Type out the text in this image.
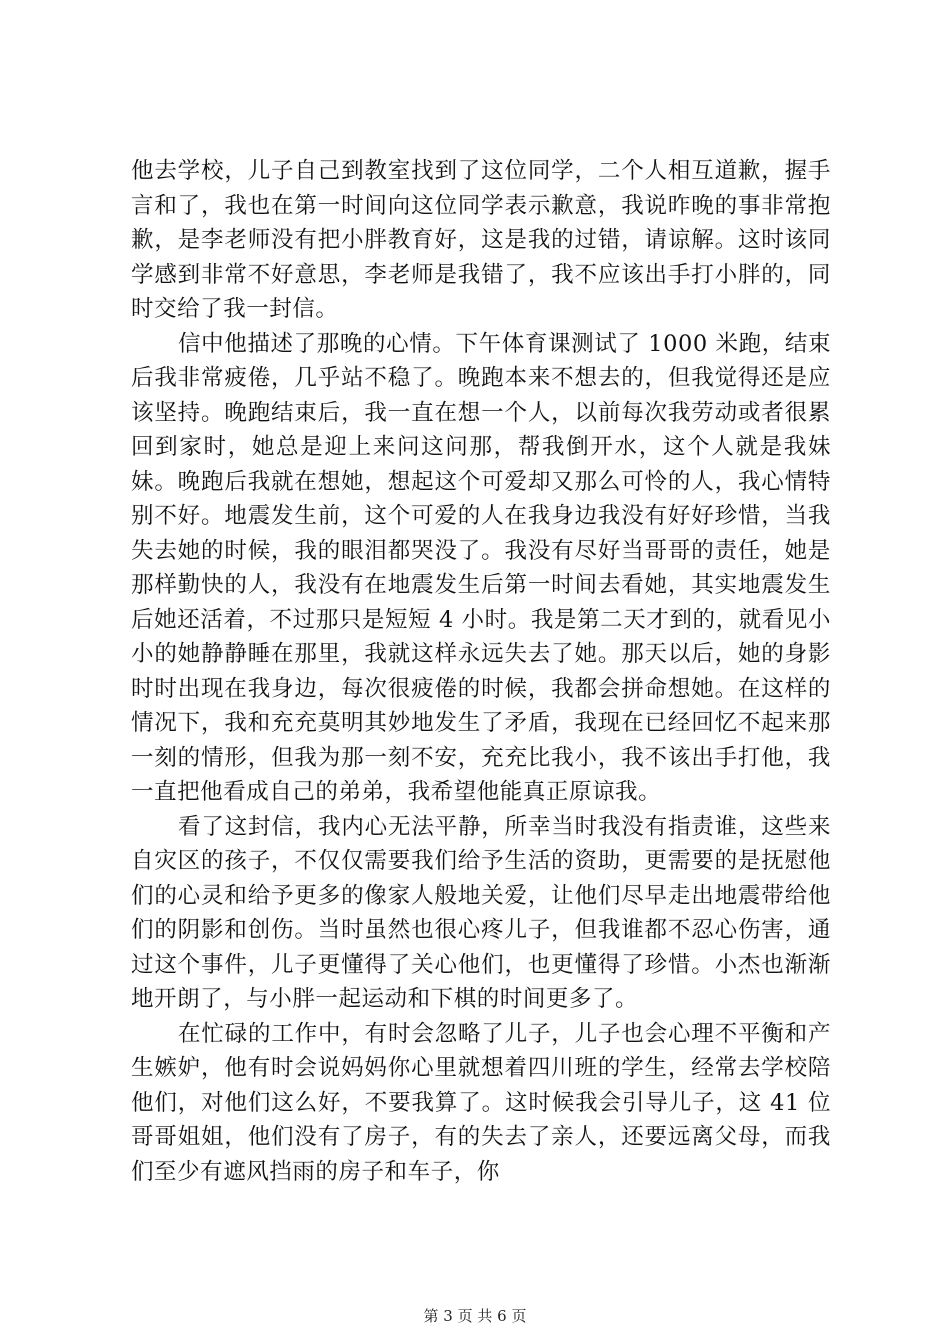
他去学校，儿子自己到教室找到了这位同学，二个人相互道歉，握手言和了，我也在第一时间向这位同学表示歉意，我说昨晚的事非常抱歉，是李老师没有把小胖教育好，这是我的过错，请谅解。这时该同学感到非常不好意思，李老师是我错了，我不应该出手打小胖的，同时交给了我一封信。

信中他描述了那晚的心情。下午体育课测试了 1000 米跑，结束后我非常疲倦，几乎站不稳了。晚跑本来不想去的，但我觉得还是应该坚持。晚跑结束后，我一直在想一个人，以前每次我劳动或者很累回到家时，她总是迎上来问这问那，帮我倒开水，这个人就是我妹妹。晚跑后我就在想她，想起这个可爱却又那么可怜的人，我心情特别不好。地震发生前，这个可爱的人在我身边我没有好好珍惜，当我失去她的时候，我的眼泪都哭没了。我没有尽好当哥哥的责任，她是那样勤快的人，我没有在地震发生后第一时间去看她，其实地震发生后她还活着，不过那只是短短 4 小时。我是第二天才到的，就看见小小的她静静睡在那里，我就这样永远失去了她。那天以后，她的身影时时出现在我身边，每次很疲倦的时候，我都会拼命想她。在这样的情况下，我和充充莫明其妙地发生了矛盾，我现在已经回忆不起来那一刻的情形，但我为那一刻不安，充充比我小，我不该出手打他，我一直把他看成自己的弟弟，我希望他能真正原谅我。

看了这封信，我内心无法平静，所幸当时我没有指责谁，这些来自灾区的孩子，不仅仅需要我们给予生活的资助，更需要的是抚慰他们的心灵和给予更多的像家人般地关爱，让他们尽早走出地震带给他们的阴影和创伤。当时虽然也很心疼儿子，但我谁都不忍心伤害，通过这个事件，儿子更懂得了关心他们，也更懂得了珍惜。小杰也渐渐地开朗了，与小胖一起运动和下棋的时间更多了。

在忙碌的工作中，有时会忽略了儿子，儿子也会心理不平衡和产生嫉妒，他有时会说妈妈你心里就想着四川班的学生，经常去学校陪他们，对他们这么好，不要我算了。这时候我会引导儿子，这 41 位哥哥姐姐，他们没有了房子，有的失去了亲人，还要远离父母，而我们至少有遮风挡雨的房子和车子，你

第 3 页 共 6 页
